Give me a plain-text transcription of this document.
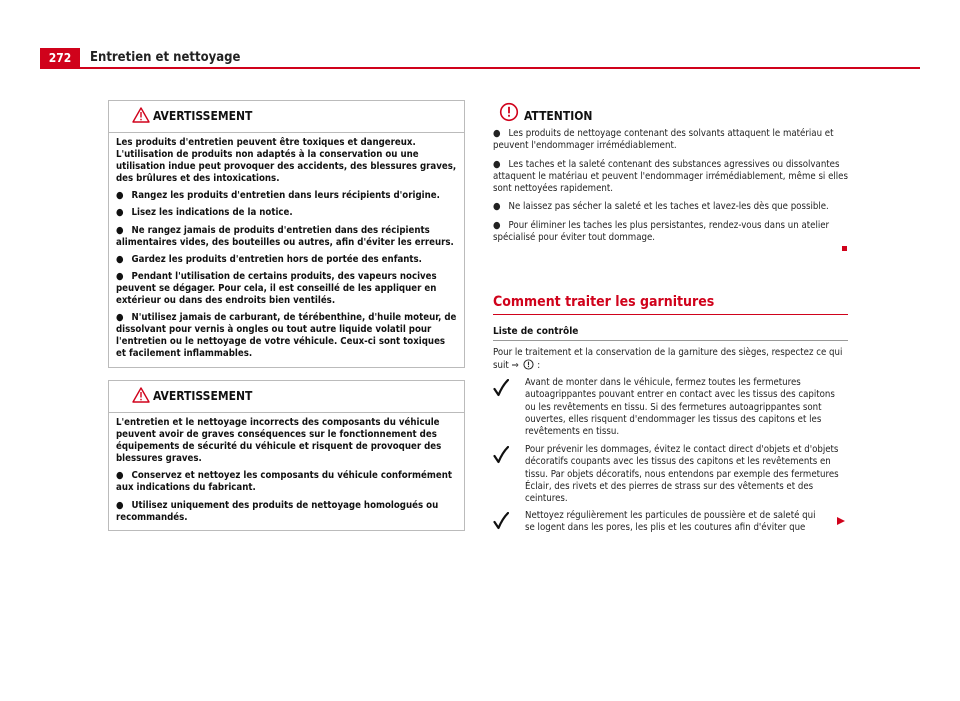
272	Entretien et nettoyage
AVERTISSEMENT

Les produits d'entretien peuvent être toxiques et dangereux. L'utilisation de produits non adaptés à la conservation ou une utilisation indue peut provoquer des accidents, des blessures graves, des brûlures et des intoxications.

● Rangez les produits d'entretien dans leurs récipients d'origine.

● Lisez les indications de la notice.

● Ne rangez jamais de produits d'entretien dans des récipients alimentaires vides, des bouteilles ou autres, afin d'éviter les erreurs.

● Gardez les produits d'entretien hors de portée des enfants.

● Pendant l'utilisation de certains produits, des vapeurs nocives peuvent se dégager. Pour cela, il est conseillé de les appliquer en extérieur ou dans des endroits bien ventilés.

● N'utilisez jamais de carburant, de térébenthine, d'huile moteur, de dissolvant pour vernis à ongles ou tout autre liquide volatil pour l'entretien ou le nettoyage de votre véhicule. Ceux-ci sont toxiques et facilement inflammables.

AVERTISSEMENT

L'entretien et le nettoyage incorrects des composants du véhicule peuvent avoir de graves conséquences sur le fonctionnement des équipements de sécurité du véhicule et risquent de provoquer des blessures graves.

● Conservez et nettoyez les composants du véhicule conformément aux indications du fabricant.

● Utilisez uniquement des produits de nettoyage homologués ou recommandés.

ATTENTION

● Les produits de nettoyage contenant des solvants attaquent le matériau et peuvent l'endommager irrémédiablement.

● Les taches et la saleté contenant des substances agressives ou dissolvantes attaquent le matériau et peuvent l'endommager irrémédiablement, même si elles sont nettoyées rapidement.

● Ne laissez pas sécher la saleté et les taches et lavez-les dès que possible.

● Pour éliminer les taches les plus persistantes, rendez-vous dans un atelier spécialisé pour éviter tout dommage.

Comment traiter les garnitures
Liste de contrôle
Pour le traitement et la conservation de la garniture des sièges, respectez ce qui suit ⇒  :
Avant de monter dans le véhicule, fermez toutes les fermetures autoagrippantes pouvant entrer en contact avec les tissus des capitons ou les revêtements en tissu. Si des fermetures autoagrippantes sont ouvertes, elles risquent d'endommager les tissus des capitons et les revêtements en tissu.
Pour prévenir les dommages, évitez le contact direct d'objets et d'objets décoratifs coupants avec les tissus des capitons et les revêtements en tissu. Par objets décoratifs, nous entendons par exemple des fermetures Éclair, des rivets et des pierres de strass sur des vêtements et des ceintures.
Nettoyez régulièrement les particules de poussière et de saleté qui se logent dans les pores, les plis et les coutures afin d'éviter que
